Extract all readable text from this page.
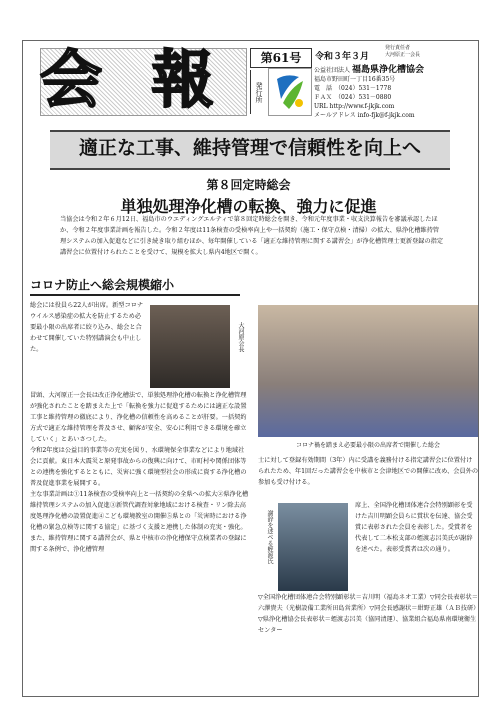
会 報	第61号	令和３年３月
発行責任者
大河原正一会長
発行所
公益社団法人 福島県浄化槽協会
福島市野田町一丁目16番35号
電　話　（024）531－1778
ＦＡＸ　（024）531－0880
URL http://www.f-jkjk.com
メールアドレス info-fjk@f-jkjk.com
適正な工事、維持管理で信頼性を向上へ
第８回定時総会
単独処理浄化槽の転換、強力に促進

当協会は令和２年６月12日、福島市のウエディングエルティで第８回定時総会を開き、令和元年度事業・収支決算報告を審議承認したほか、令和２年度事業計画を報告した。令和２年度は11条検査の受検率向上や一括契約（施工・保守点検・清掃）の拡大、県浄化槽維持管理システムの加入促進などに引き続き取り組むほか、毎年開催している「適正な維持管理に関する講習会」が浄化槽管理士更新登録の指定講習会に位置付けられたことを受けて、規模を拡大し県内4地区で開く。

コロナ防止へ総会規模縮小

総会には役員ら22人が出席。新型コロナウイルス感染症の拡大を防止するため必要最小限の出席者に絞り込み、総会と合わせて開催していた特別講演会も中止した。	大河原会長

冒頭、大河原正一会長は改正浄化槽法で、単独処理浄化槽の転換と浄化槽管理が強化されたことを踏まえた上で「転換を強力に促進するためには適正な設置工事と維持管理の徹底により、浄化槽の信頼性を高めることが肝要。一括契約方式で適正な維持管理を普及させ、顧客が安全、安心に利用できる環境を確立していく」とあいさつした。
令和2年度は公益目的事業等の充実を図り、水環境保全事業などにより地域社会に貢献。東日本大震災と原発事故からの復興に向けて、市町村や関係団体等との連携を強化するとともに、災害に強く環境型社会の形成に資する浄化槽の普及促進事業を展開する。
主な事業計画は①11条検査の受検率向上と一括契約の全県への拡大②県浄化槽維持管理システムの加入促進③新管代調査対象地域における検査・リン除去高度処理浄化槽の設置促進④こども環境教室の開催⑤県との「災害時における浄化槽の緊急点検等に関する協定」に基づく支援と連携した体制の充実・強化。
また、維持管理に関する講習会が、県と中核市の浄化槽保守点検業者の登録に関する条例で、浄化槽管理

コロナ禍を踏まえ必要最小限の出席者で開催した総会

士に対して登録有効期間（3年）内に受講を義務付ける指定講習会に位置付けられたため、年1回だった講習会を中核市と会津地区での開催に改め、会員外の参加も受け付ける。

謝辞を述べる蛭渡氏

席上、全国浄化槽団体連合会特別顕彰を受けた吉川明顕会員らに賞状を伝達、協会受賞に表彰された会員を表彰した。受賞者を代表して二本松支部の蛭渡志呂美氏が謝辞を述べた。表彰受賞者は次の通り。

▽全国浄化槽団体連合会特別顕彰状＝吉川明（福島ネオ工業）▽同会長表彰状＝六澤貴夫（光樹設備工業所田島営業所）▽同会長感謝状＝紺野正雄（ＡＢ技研）▽県浄化槽協会長表彰状＝蛭渡志呂美（協同清運）、協業組合福島県南環境衛生センター
